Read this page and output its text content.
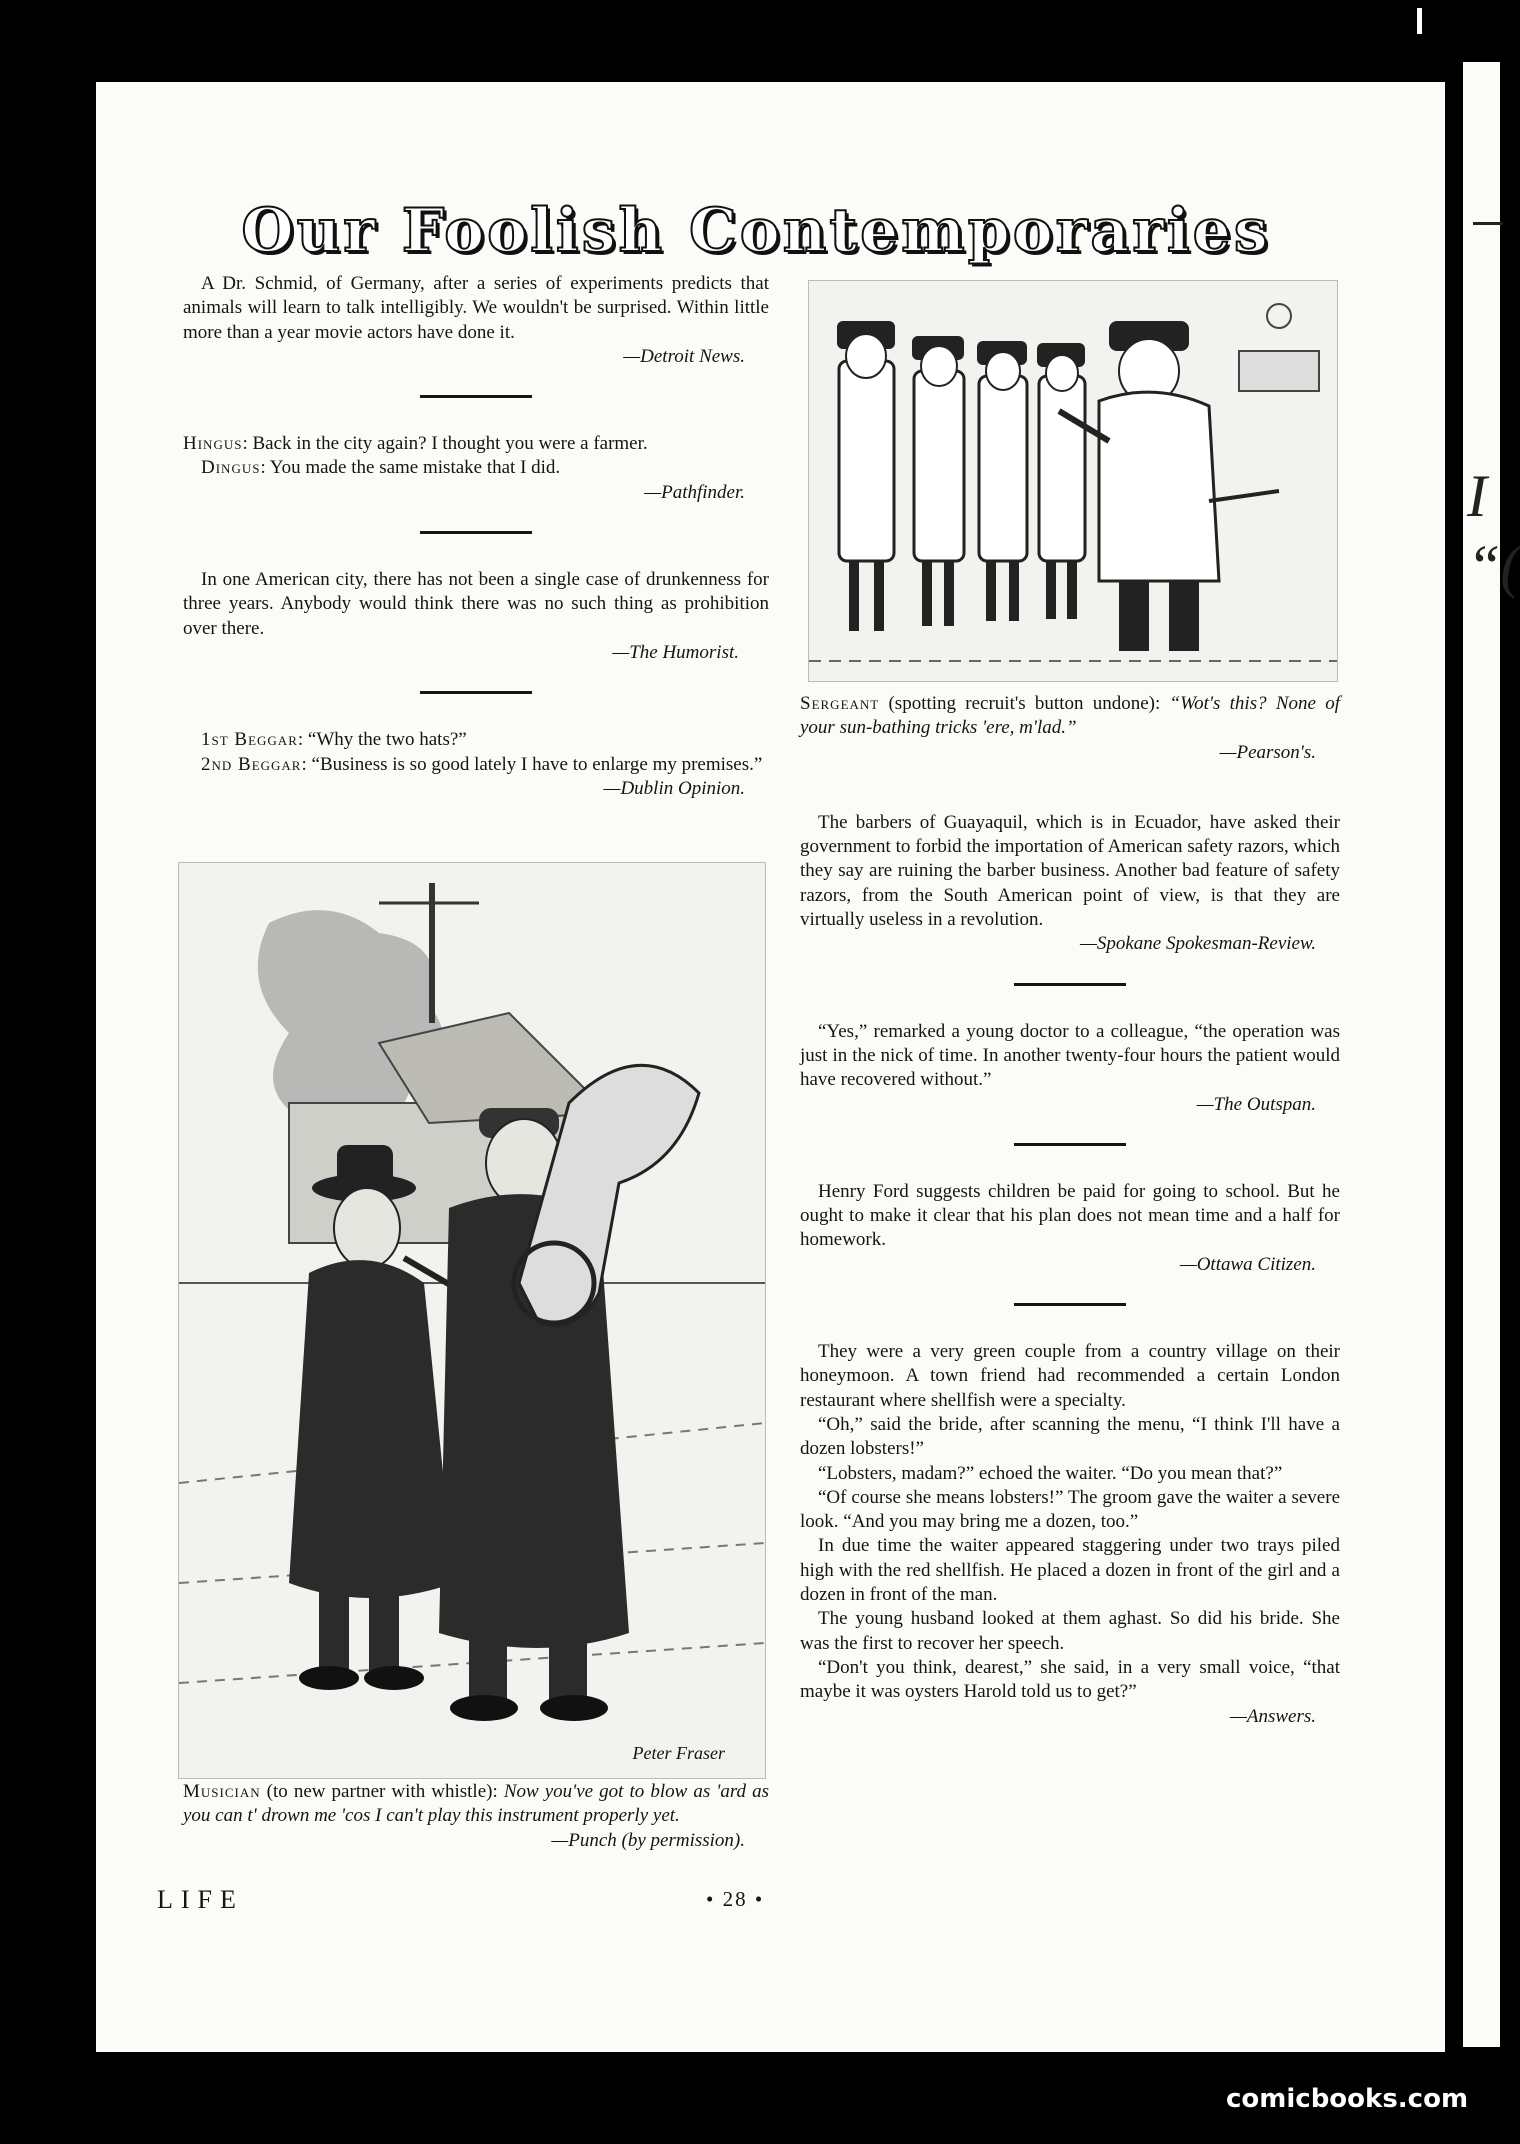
I
“(
Our Foolish Contemporaries

A Dr. Schmid, of Germany, after a series of experiments predicts that animals will learn to talk intelligibly. We wouldn't be surprised. Within little more than a year movie actors have done it.

—Detroit News.

Hingus: Back in the city again? I thought you were a farmer.

Dingus: You made the same mistake that I did.

—Pathfinder.

In one American city, there has not been a single case of drunkenness for three years. Anybody would think there was no such thing as prohibition over there.

—The Humorist.

1st Beggar: “Why the two hats?”

2nd Beggar: “Business is so good lately I have to enlarge my premises.”

—Dublin Opinion.
Peter Fraser

Musician (to new partner with whistle): Now you've got to blow as 'ard as you can t' drown me 'cos I can't play this instrument properly yet.

—Punch (by permission).

Sergeant (spotting recruit's button undone): “Wot's this? None of your sun-bathing tricks 'ere, m'lad.”

—Pearson's.

The barbers of Guayaquil, which is in Ecuador, have asked their government to forbid the importation of American safety razors, which they say are ruining the barber business. Another bad feature of safety razors, from the South American point of view, is that they are virtually useless in a revolution.

—Spokane Spokesman-Review.

“Yes,” remarked a young doctor to a colleague, “the operation was just in the nick of time. In another twenty-four hours the patient would have recovered without.”

—The Outspan.

Henry Ford suggests children be paid for going to school. But he ought to make it clear that his plan does not mean time and a half for homework.

—Ottawa Citizen.

They were a very green couple from a country village on their honeymoon. A town friend had recommended a certain London restaurant where shellfish were a specialty.

“Oh,” said the bride, after scanning the menu, “I think I'll have a dozen lobsters!”

“Lobsters, madam?” echoed the waiter. “Do you mean that?”

“Of course she means lobsters!” The groom gave the waiter a severe look. “And you may bring me a dozen, too.”

In due time the waiter appeared staggering under two trays piled high with the red shellfish. He placed a dozen in front of the girl and a dozen in front of the man.

The young husband looked at them aghast. So did his bride. She was the first to recover her speech.

“Don't you think, dearest,” she said, in a very small voice, “that maybe it was oysters Harold told us to get?”

—Answers.
LIFE	• 28 •
comicbooks.com
